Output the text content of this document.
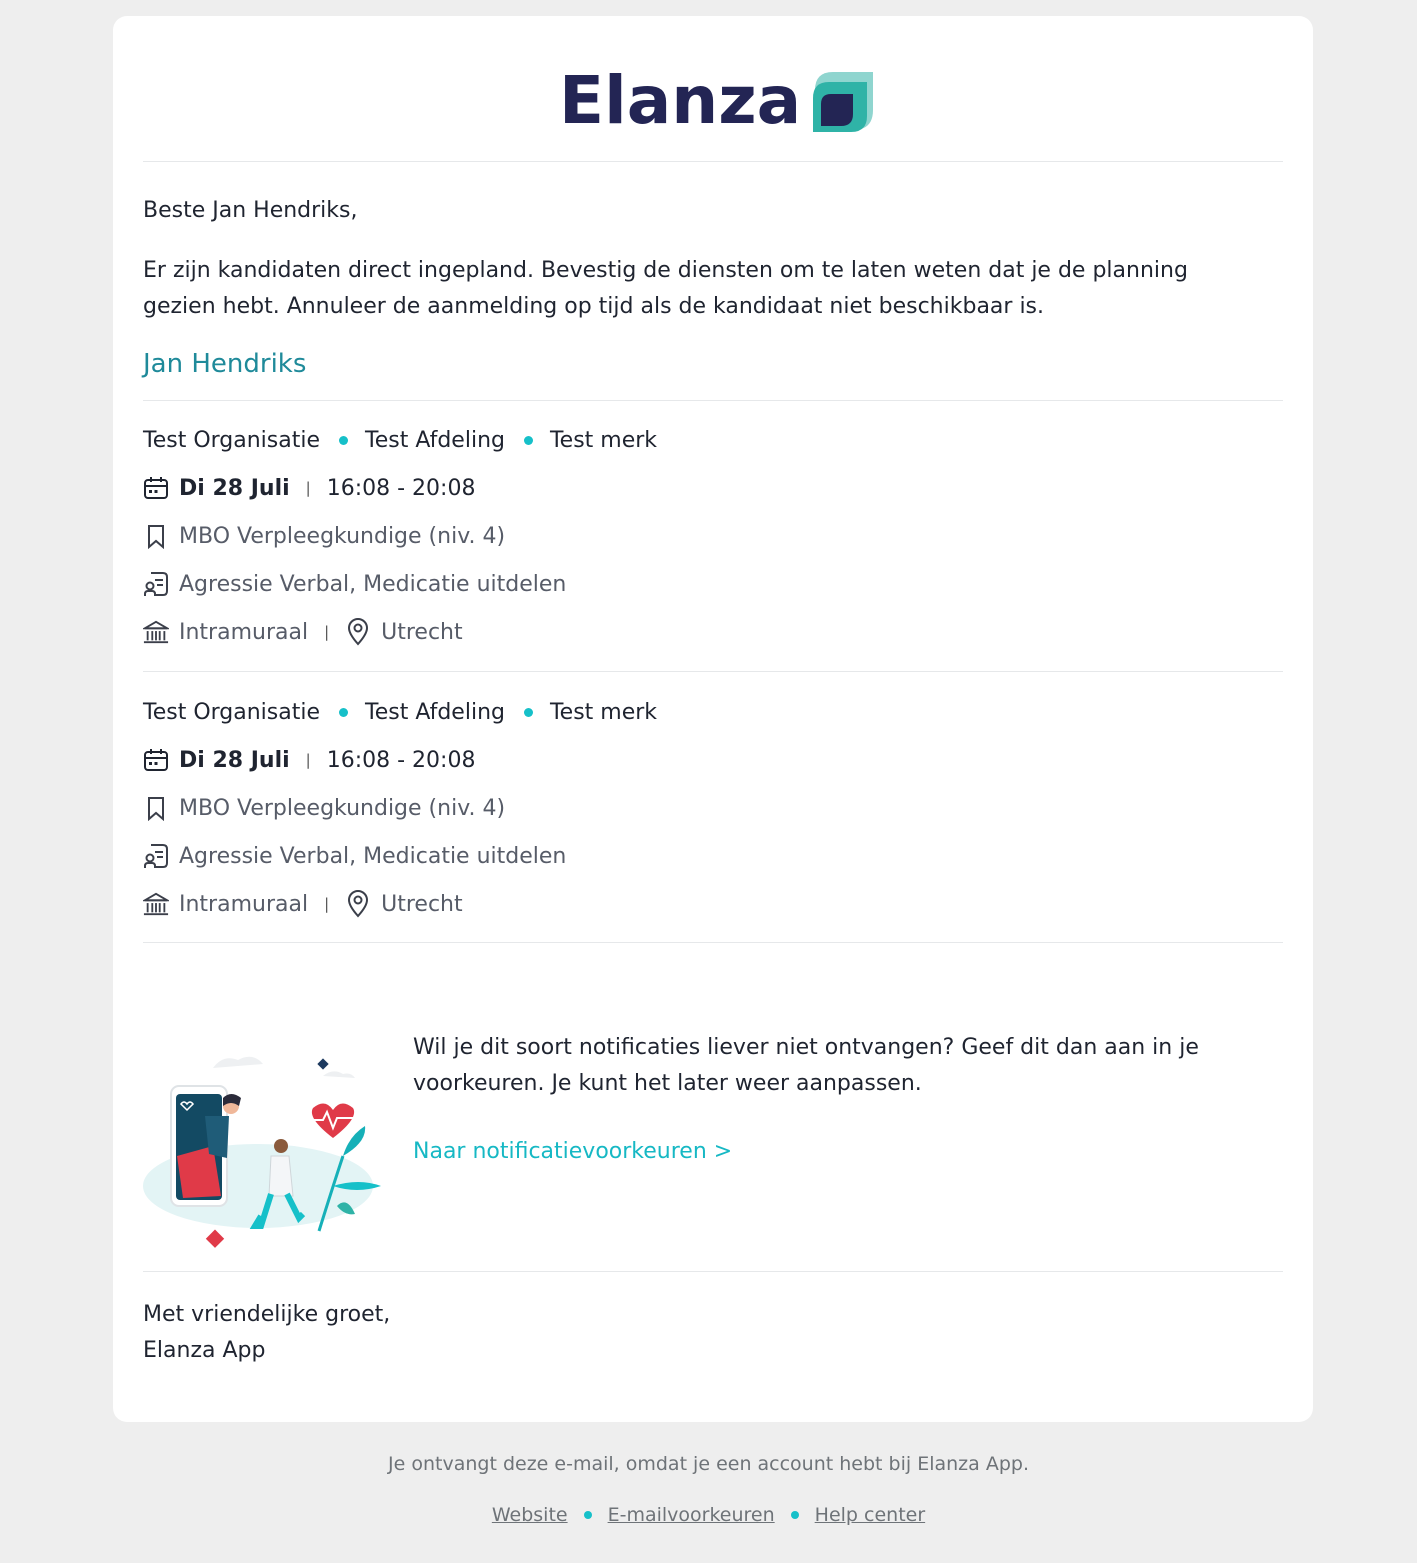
Elanza
Beste Jan Hendriks,
Er zijn kandidaten direct ingepland. Bevestig de diensten om te laten weten dat je de planning gezien hebt. Annuleer de aanmelding op tijd als de kandidaat niet beschikbaar is.
Jan Hendriks
Test Organisatie Test Afdeling Test merk
Di 28 Juli | 16:08 - 20:08
MBO Verpleegkundige (niv. 4)
Agressie Verbal, Medicatie uitdelen
Intramuraal | Utrecht
Test Organisatie Test Afdeling Test merk
Di 28 Juli | 16:08 - 20:08
MBO Verpleegkundige (niv. 4)
Agressie Verbal, Medicatie uitdelen
Intramuraal | Utrecht
Wil je dit soort notificaties liever niet ontvangen? Geef dit dan aan in je voorkeuren. Je kunt het later weer aanpassen.
Naar notificatievoorkeuren >
Met vriendelijke groet,
Elanza App
Je ontvangt deze e-mail, omdat je een account hebt bij Elanza App.
Website E-mailvoorkeuren Help center
